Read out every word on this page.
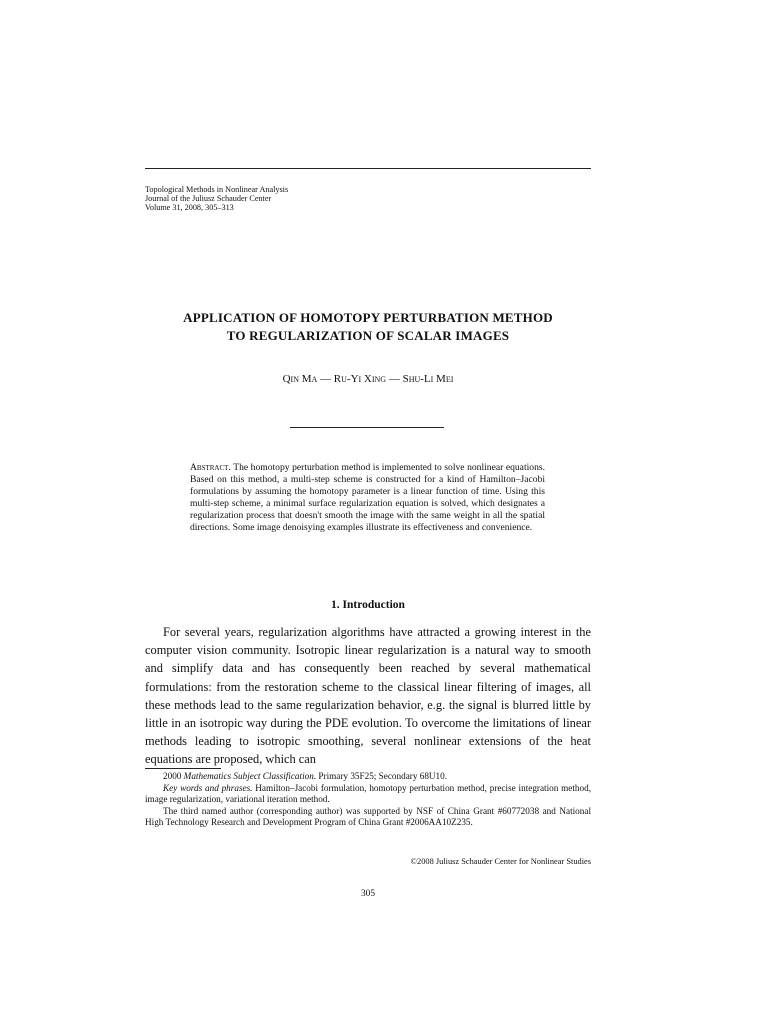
Topological Methods in Nonlinear Analysis
Journal of the Juliusz Schauder Center
Volume 31, 2008, 305–313
APPLICATION OF HOMOTOPY PERTURBATION METHOD
TO REGULARIZATION OF SCALAR IMAGES
Qin Ma — Ru-Yi Xing — Shu-Li Mei
Abstract. The homotopy perturbation method is implemented to solve nonlinear equations. Based on this method, a multi-step scheme is constructed for a kind of Hamilton–Jacobi formulations by assuming the homotopy parameter is a linear function of time. Using this multi-step scheme, a minimal surface regularization equation is solved, which designates a regularization process that doesn't smooth the image with the same weight in all the spatial directions. Some image denoisying examples illustrate its effectiveness and convenience.
1. Introduction
For several years, regularization algorithms have attracted a growing interest in the computer vision community. Isotropic linear regularization is a natural way to smooth and simplify data and has consequently been reached by several mathematical formulations: from the restoration scheme to the classical linear filtering of images, all these methods lead to the same regularization behavior, e.g. the signal is blurred little by little in an isotropic way during the PDE evolution. To overcome the limitations of linear methods leading to isotropic smoothing, several nonlinear extensions of the heat equations are proposed, which can

2000 Mathematics Subject Classification. Primary 35F25; Secondary 68U10.

Key words and phrases. Hamilton–Jacobi formulation, homotopy perturbation method, precise integration method, image regularization, variational iteration method.

The third named author (corresponding author) was supported by NSF of China Grant #60772038 and National High Technology Research and Development Program of China Grant #2006AA10Z235.

©2008 Juliusz Schauder Center for Nonlinear Studies
305
